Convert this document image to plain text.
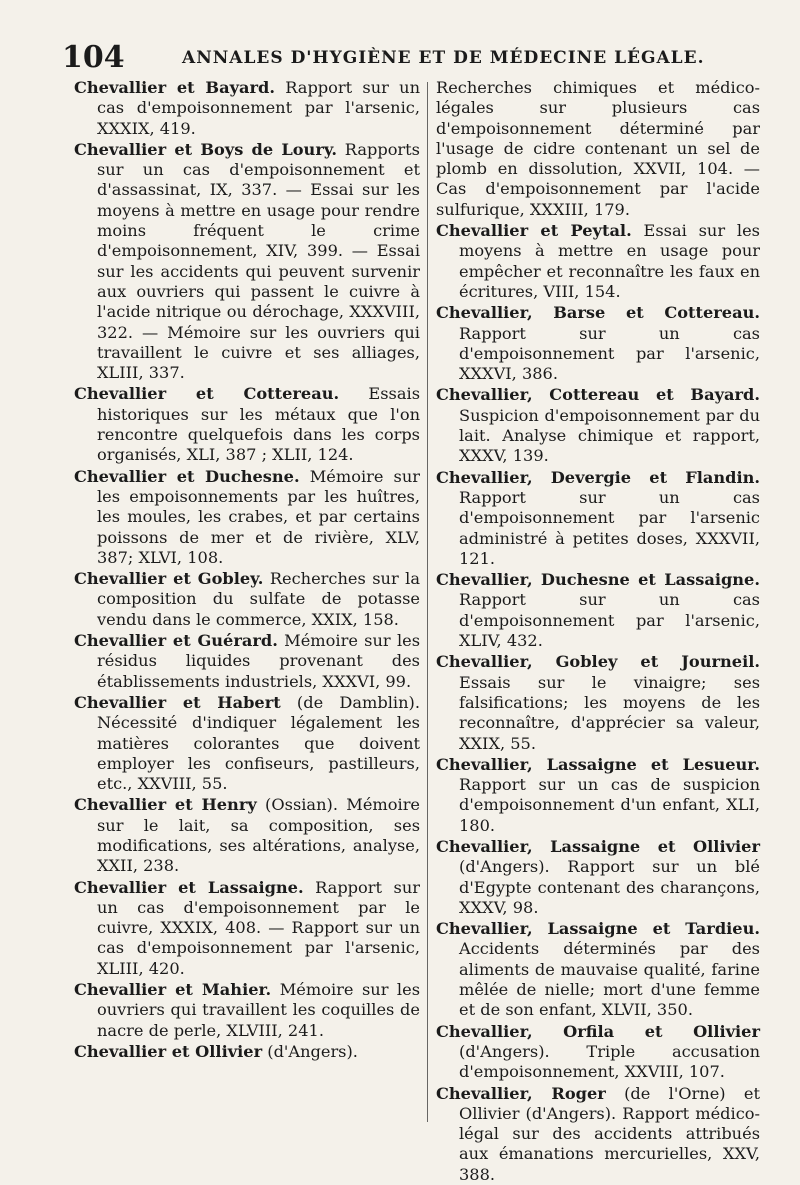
104	ANNALES D'HYGIÈNE ET DE MÉDECINE LÉGALE.

Chevallier et Bayard. Rapport sur un cas d'empoisonnement par l'arsenic, XXXIX, 419.

Chevallier et Boys de Loury. Rapports sur un cas d'empoisonnement et d'assassinat, IX, 337. — Essai sur les moyens à mettre en usage pour rendre moins fréquent le crime d'empoisonnement, XIV, 399. — Essai sur les accidents qui peuvent survenir aux ouvriers qui passent le cuivre à l'acide nitrique ou dérochage, XXXVIII, 322. — Mémoire sur les ouvriers qui travaillent le cuivre et ses alliages, XLIII, 337.

Chevallier et Cottereau. Essais historiques sur les métaux que l'on rencontre quelquefois dans les corps organisés, XLI, 387 ; XLII, 124.

Chevallier et Duchesne. Mémoire sur les empoisonnements par les huîtres, les moules, les crabes, et par certains poissons de mer et de rivière, XLV, 387; XLVI, 108.

Chevallier et Gobley. Recherches sur la composition du sulfate de potasse vendu dans le commerce, XXIX, 158.

Chevallier et Guérard. Mémoire sur les résidus liquides provenant des établissements industriels, XXXVI, 99.

Chevallier et Habert (de Damblin). Nécessité d'indiquer légalement les matières colorantes que doivent employer les confiseurs, pastilleurs, etc., XXVIII, 55.

Chevallier et Henry (Ossian). Mémoire sur le lait, sa composition, ses modifications, ses altérations, analyse, XXII, 238.

Chevallier et Lassaigne. Rapport sur un cas d'empoisonnement par le cuivre, XXXIX, 408. — Rapport sur un cas d'empoisonnement par l'arsenic, XLIII, 420.

Chevallier et Mahier. Mémoire sur les ouvriers qui travaillent les coquilles de nacre de perle, XLVIII, 241.

Chevallier et Ollivier (d'Angers).

Recherches chimiques et médico-légales sur plusieurs cas d'empoisonnement déterminé par l'usage de cidre contenant un sel de plomb en dissolution, XXVII, 104. — Cas d'empoisonnement par l'acide sulfurique, XXXIII, 179.

Chevallier et Peytal. Essai sur les moyens à mettre en usage pour empêcher et reconnaître les faux en écritures, VIII, 154.

Chevallier, Barse et Cottereau. Rapport sur un cas d'empoisonnement par l'arsenic, XXXVI, 386.

Chevallier, Cottereau et Bayard. Suspicion d'empoisonnement par du lait. Analyse chimique et rapport, XXXV, 139.

Chevallier, Devergie et Flandin. Rapport sur un cas d'empoisonnement par l'arsenic administré à petites doses, XXXVII, 121.

Chevallier, Duchesne et Lassaigne. Rapport sur un cas d'empoisonnement par l'arsenic, XLIV, 432.

Chevallier, Gobley et Journeil. Essais sur le vinaigre; ses falsifications; les moyens de les reconnaître, d'apprécier sa valeur, XXIX, 55.

Chevallier, Lassaigne et Lesueur. Rapport sur un cas de suspicion d'empoisonnement d'un enfant, XLI, 180.

Chevallier, Lassaigne et Ollivier (d'Angers). Rapport sur un blé d'Egypte contenant des charançons, XXXV, 98.

Chevallier, Lassaigne et Tardieu. Accidents déterminés par des aliments de mauvaise qualité, farine mêlée de nielle; mort d'une femme et de son enfant, XLVII, 350.

Chevallier, Orfila et Ollivier (d'Angers). Triple accusation d'empoisonnement, XXVIII, 107.

Chevallier, Roger (de l'Orne) et Ollivier (d'Angers). Rapport médico-légal sur des accidents attribués aux émanations mercurielles, XXV, 388.
